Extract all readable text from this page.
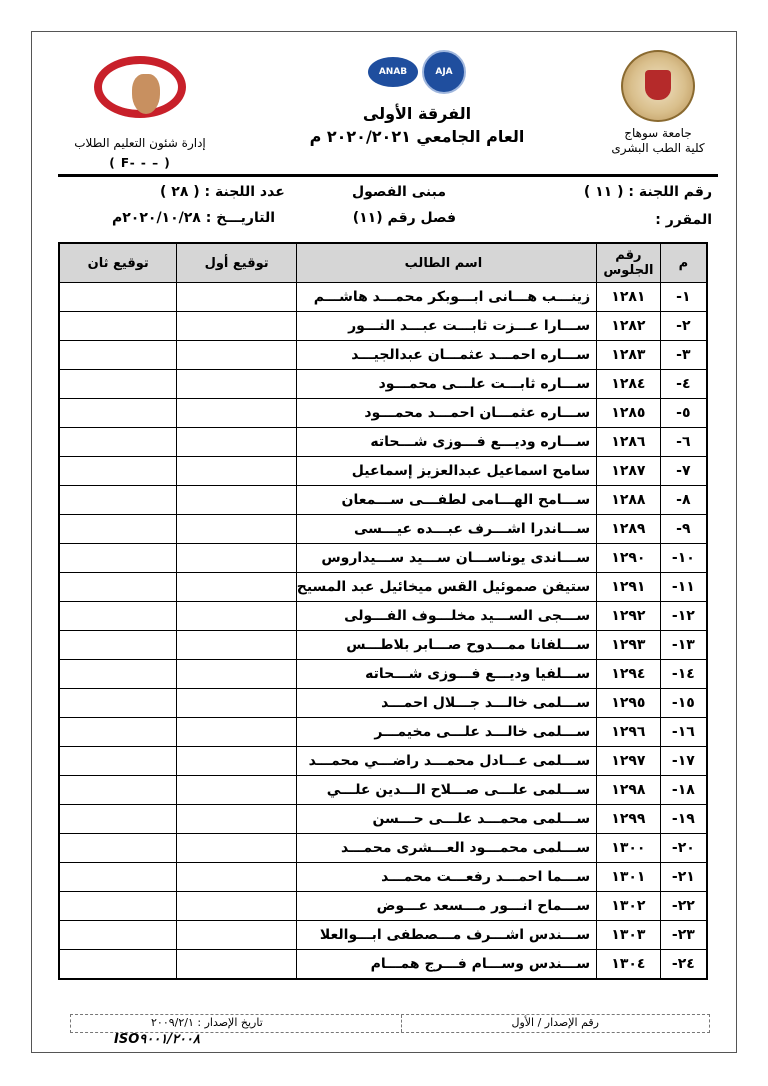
جامعة سوهاج
كلية الطب البشرى
ANAB	AJA
الفرقة الأولى
العام الجامعي ٢٠٢٠/٢٠٢١ م
إدارة شئون التعليم الطلاب
( F- - – )
رقم اللجنة : ( ١١ )
مبنى الفصول
عدد اللجنة : ( ٢٨ )
المقرر :
فصل رقم (١١)
التاريـــخ : ٢٠٢٠/١٠/٢٨م
م	رقم الجلوس	اسم الطالب	توقيع أول	توقيع ثان
١-	١٢٨١	زينـــب هـــانى ابـــوبكر محمـــد هاشـــم		
٢-	١٢٨٢	ســـارا عـــزت ثابـــت عبـــد النـــور		
٣-	١٢٨٣	ســـاره احمـــد عثمـــان عبدالجيـــد		
٤-	١٢٨٤	ســـاره ثابـــت علـــى محمـــود		
٥-	١٢٨٥	ســـاره عثمـــان احمـــد محمـــود		
٦-	١٢٨٦	ســـاره وديـــع فـــوزى شـــحاته		
٧-	١٢٨٧	سامح اسماعيل عبدالعزيز إسماعيل		
٨-	١٢٨٨	ســـامح الهـــامى لطفـــى ســـمعان		
٩-	١٢٨٩	ســـاندرا اشـــرف عبـــده عيـــسى		
١٠-	١٢٩٠	ســـاندى يوناســـان ســـيد ســـيداروس		
١١-	١٢٩١	ستيفن صموئيل القس ميخائيل عبد المسيح		
١٢-	١٢٩٢	ســـجى الســـيد مخلـــوف الفـــولى		
١٣-	١٢٩٣	ســـلفانا ممـــدوح صـــابر بلاطـــس		
١٤-	١٢٩٤	ســـلفيا وديـــع فـــوزى شـــحاته		
١٥-	١٢٩٥	ســـلمى خالـــد جـــلال احمـــد		
١٦-	١٢٩٦	ســـلمى خالـــد علـــى مخيمـــر		
١٧-	١٢٩٧	ســـلمى عـــادل محمـــد راضـــي محمـــد		
١٨-	١٢٩٨	ســـلمى علـــى صـــلاح الـــدين علـــي		
١٩-	١٢٩٩	ســـلمى محمـــد علـــى حـــسن		
٢٠-	١٣٠٠	ســـلمى محمـــود العـــشرى محمـــد		
٢١-	١٣٠١	ســـما احمـــد رفعـــت محمـــد		
٢٢-	١٣٠٢	ســـماح انـــور مـــسعد عـــوض		
٢٣-	١٣٠٣	ســـندس اشـــرف مـــصطفى ابـــوالعلا		
٢٤-	١٣٠٤	ســـندس وســـام فـــرج همـــام		
رقم الإصدار / الأول
تاريخ الإصدار : ٢٠٠٩/٢/١
ISO٩٠٠١/٢٠٠٨
